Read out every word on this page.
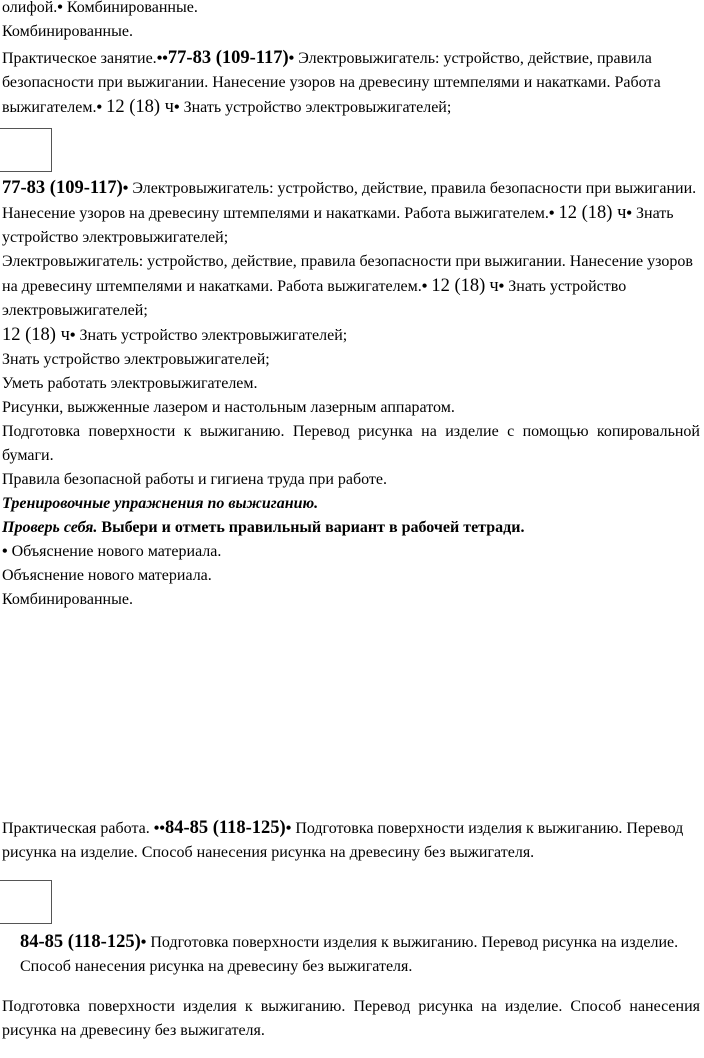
олифой.• Комбинированные.

Комбинированные.

Практическое занятие.••77-83 (109-117)• Электровыжигатель: устройство, действие, правила безопасности при выжигании. Нанесение узоров на древесину штемпелями и накатками. Работа выжигателем.• 12 (18) ч• Знать устройство электровыжигателей;

77-83 (109-117)• Электровыжигатель: устройство, действие, правила безопасности при выжигании. Нанесение узоров на древесину штемпелями и накатками. Работа выжигателем.• 12 (18) ч• Знать устройство электровыжигателей;

Электровыжигатель: устройство, действие, правила безопасности при выжигании. Нанесение узоров на древесину штемпелями и накатками. Работа выжигателем.• 12 (18) ч• Знать устройство электровыжигателей;

12 (18) ч• Знать устройство электровыжигателей;

Знать устройство электровыжигателей;

Уметь работать электровыжигателем.

Рисунки, выжженные лазером и настольным лазерным аппаратом.

Подготовка поверхности к выжиганию. Перевод рисунка на изделие с помощью копировальной бумаги.

Правила безопасной работы и гигиена труда при работе.

Тренировочные упражнения по выжиганию.

Проверь себя. Выбери и отметь правильный вариант в рабочей тетради.

• Объяснение нового материала.

Объяснение нового материала.

Комбинированные.

Практическая работа. ••84-85 (118-125)• Подготовка поверхности изделия к выжиганию. Перевод рисунка на изделие. Способ нанесения рисунка на древесину без выжигателя.

84-85 (118-125)• Подготовка поверхности изделия к выжиганию. Перевод рисунка на изделие. Способ нанесения рисунка на древесину без выжигателя.

Подготовка поверхности изделия к выжиганию. Перевод рисунка на изделие. Способ нанесения рисунка на древесину без выжигателя.
